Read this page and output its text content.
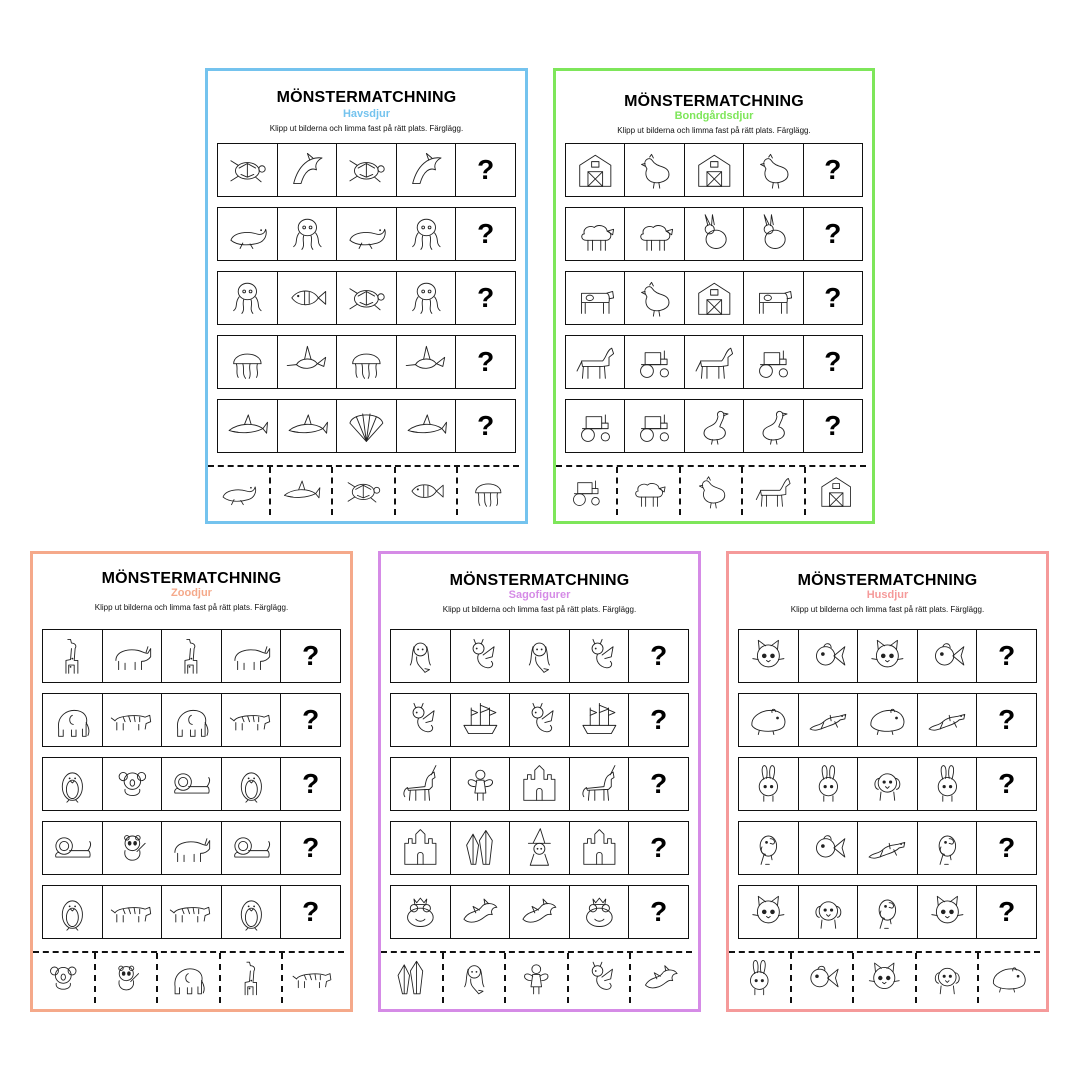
MÖNSTERMATCHNING
Havsdjur
Klipp ut bilderna och limma fast på rätt plats. Färglägg.
?
?
?
?
?
MÖNSTERMATCHNING
Bondgårdsdjur
Klipp ut bilderna och limma fast på rätt plats. Färglägg.
?
?
?
?
?
MÖNSTERMATCHNING
Zoodjur
Klipp ut bilderna och limma fast på rätt plats. Färglägg.
?
?
?
?
?
MÖNSTERMATCHNING
Sagofigurer
Klipp ut bilderna och limma fast på rätt plats. Färglägg.
?
?
?
?
?
MÖNSTERMATCHNING
Husdjur
Klipp ut bilderna och limma fast på rätt plats. Färglägg.
?
?
?
?
?
